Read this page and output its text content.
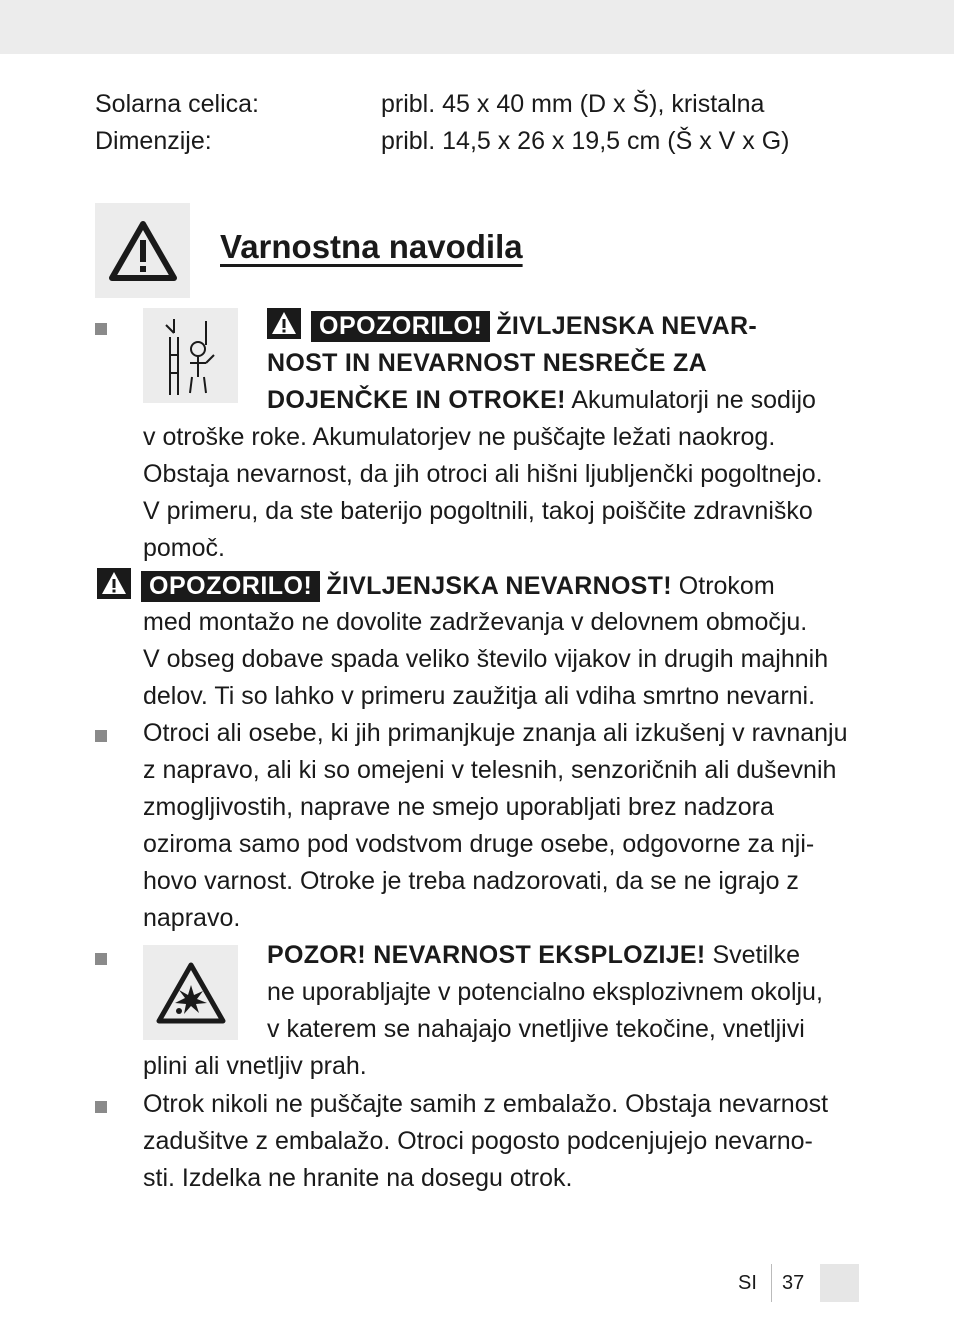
Solarna celica:	pribl. 45 x 40 mm (D x Š), kristalna
Dimenzije:	pribl. 14,5 x 26 x 19,5 cm (Š x V x G)
Varnostna navodila
OPOZORILO! ŽIVLJENSKA NEVAR-
NOST IN NEVARNOST NESREČE ZA
DOJENČKE IN OTROKE! Akumulatorji ne sodijo
v otroške roke. Akumulatorjev ne puščajte ležati naokrog.
Obstaja nevarnost, da jih otroci ali hišni ljubljenčki pogoltnejo.
V primeru, da ste baterijo pogoltnili, takoj poiščite zdravniško
pomoč.
OPOZORILO! ŽIVLJENJSKA NEVARNOST! Otrokom
med montažo ne dovolite zadrževanja v delovnem območju.
V obseg dobave spada veliko število vijakov in drugih majhnih
delov. Ti so lahko v primeru zaužitja ali vdiha smrtno nevarni.
Otroci ali osebe, ki jih primanjkuje znanja ali izkušenj v ravnanju
z napravo, ali ki so omejeni v telesnih, senzoričnih ali duševnih
zmogljivostih, naprave ne smejo uporabljati brez nadzora
oziroma samo pod vodstvom druge osebe, odgovorne za nji-
hovo varnost. Otroke je treba nadzorovati, da se ne igrajo z
napravo.
POZOR! NEVARNOST EKSPLOZIJE! Svetilke
ne uporabljajte v potencialno eksplozivnem okolju,
v katerem se nahajajo vnetljive tekočine, vnetljivi
plini ali vnetljiv prah.
Otrok nikoli ne puščajte samih z embalažo. Obstaja nevarnost
zadušitve z embalažo. Otroci pogosto podcenjujejo nevarno-
sti. Izdelka ne hranite na dosegu otrok.
SI 37
